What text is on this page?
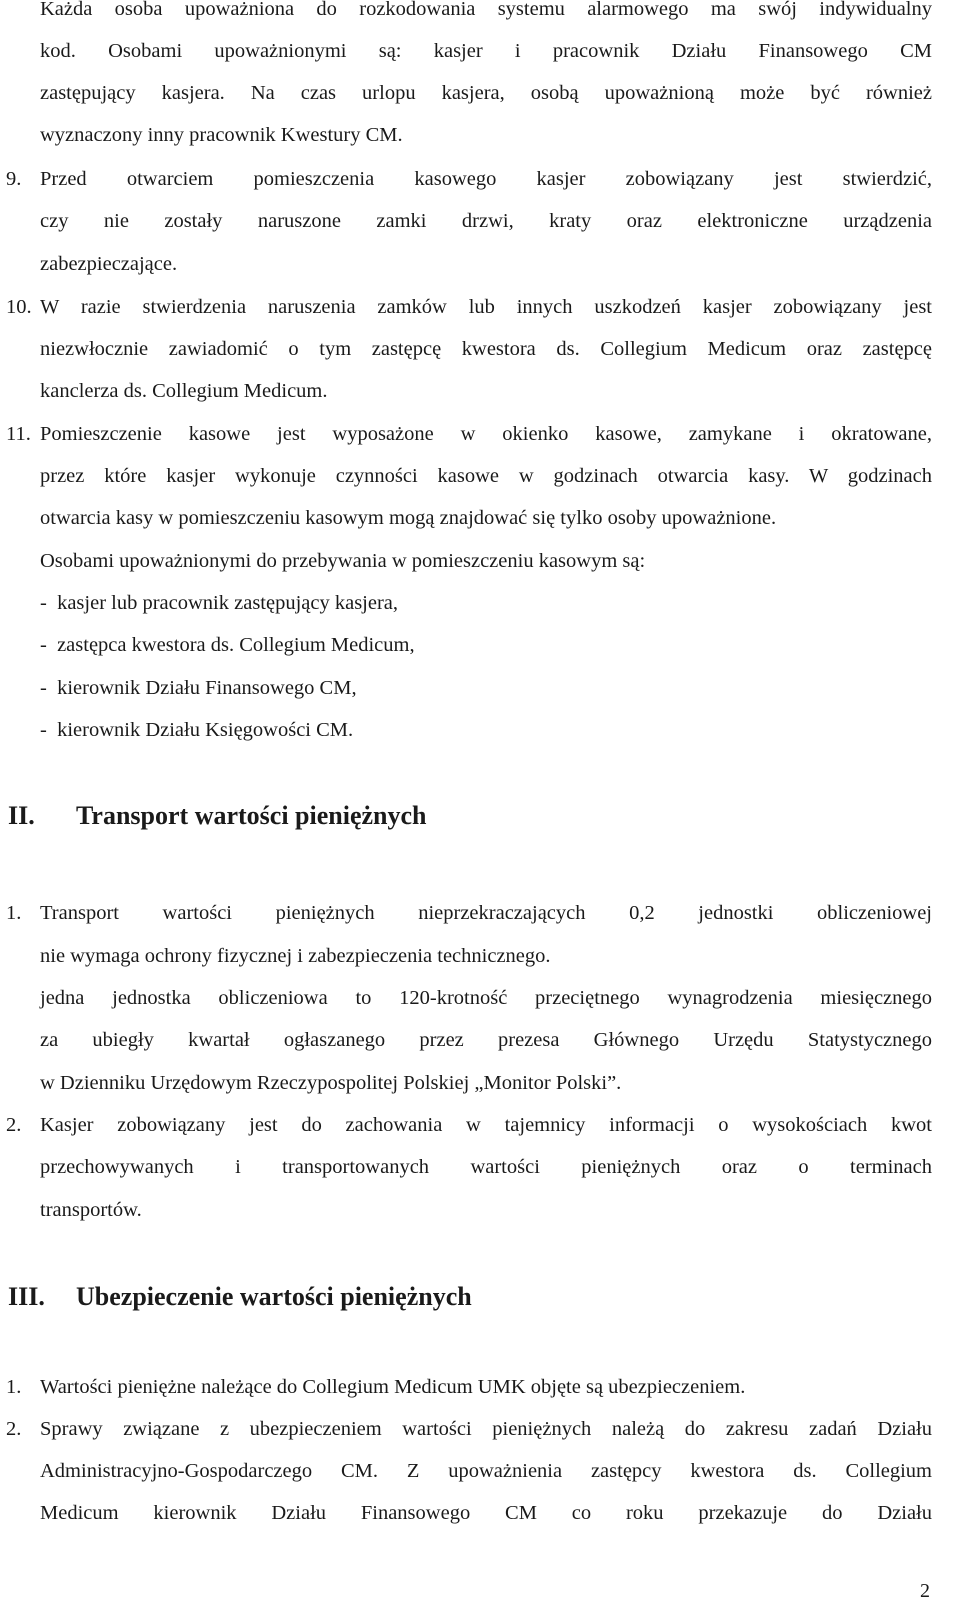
Każda osoba upoważniona do rozkodowania systemu alarmowego ma swój indywidualny
kod. Osobami upoważnionymi są: kasjer i pracownik Działu Finansowego CM
zastępujący kasjera. Na czas urlopu kasjera, osobą upoważnioną może być również
wyznaczony inny pracownik Kwestury CM.
9. Przed otwarciem pomieszczenia kasowego kasjer zobowiązany jest stwierdzić,
czy nie zostały naruszone zamki drzwi, kraty oraz elektroniczne urządzenia
zabezpieczające.
10. W razie stwierdzenia naruszenia zamków lub innych uszkodzeń kasjer zobowiązany jest
niezwłocznie zawiadomić o tym zastępcę kwestora ds. Collegium Medicum oraz zastępcę
kanclerza ds. Collegium Medicum.
11. Pomieszczenie kasowe jest wyposażone w okienko kasowe, zamykane i okratowane,
przez które kasjer wykonuje czynności kasowe w godzinach otwarcia kasy. W godzinach
otwarcia kasy w pomieszczeniu kasowym mogą znajdować się tylko osoby upoważnione.
Osobami upoważnionymi do przebywania w pomieszczeniu kasowym są:
-  kasjer lub pracownik zastępujący kasjera,
-  zastępca kwestora ds. Collegium Medicum,
-  kierownik Działu Finansowego CM,
-  kierownik Działu Księgowości CM.
II. Transport wartości pieniężnych
1. Transport wartości pieniężnych nieprzekraczających 0,2 jednostki obliczeniowej
nie wymaga ochrony fizycznej i zabezpieczenia technicznego.
jedna jednostka obliczeniowa to 120-krotność przeciętnego wynagrodzenia miesięcznego
za ubiegły kwartał ogłaszanego przez prezesa Głównego Urzędu Statystycznego
w Dzienniku Urzędowym Rzeczypospolitej Polskiej „Monitor Polski”.
2. Kasjer zobowiązany jest do zachowania w tajemnicy informacji o wysokościach kwot
przechowywanych i transportowanych wartości pieniężnych oraz o terminach
transportów.
III. Ubezpieczenie wartości pieniężnych
1. Wartości pieniężne należące do Collegium Medicum UMK objęte są ubezpieczeniem.
2. Sprawy związane z ubezpieczeniem wartości pieniężnych należą do zakresu zadań Działu
Administracyjno-Gospodarczego CM. Z upoważnienia zastępcy kwestora ds. Collegium
Medicum kierownik Działu Finansowego CM co roku przekazuje do Działu
2
